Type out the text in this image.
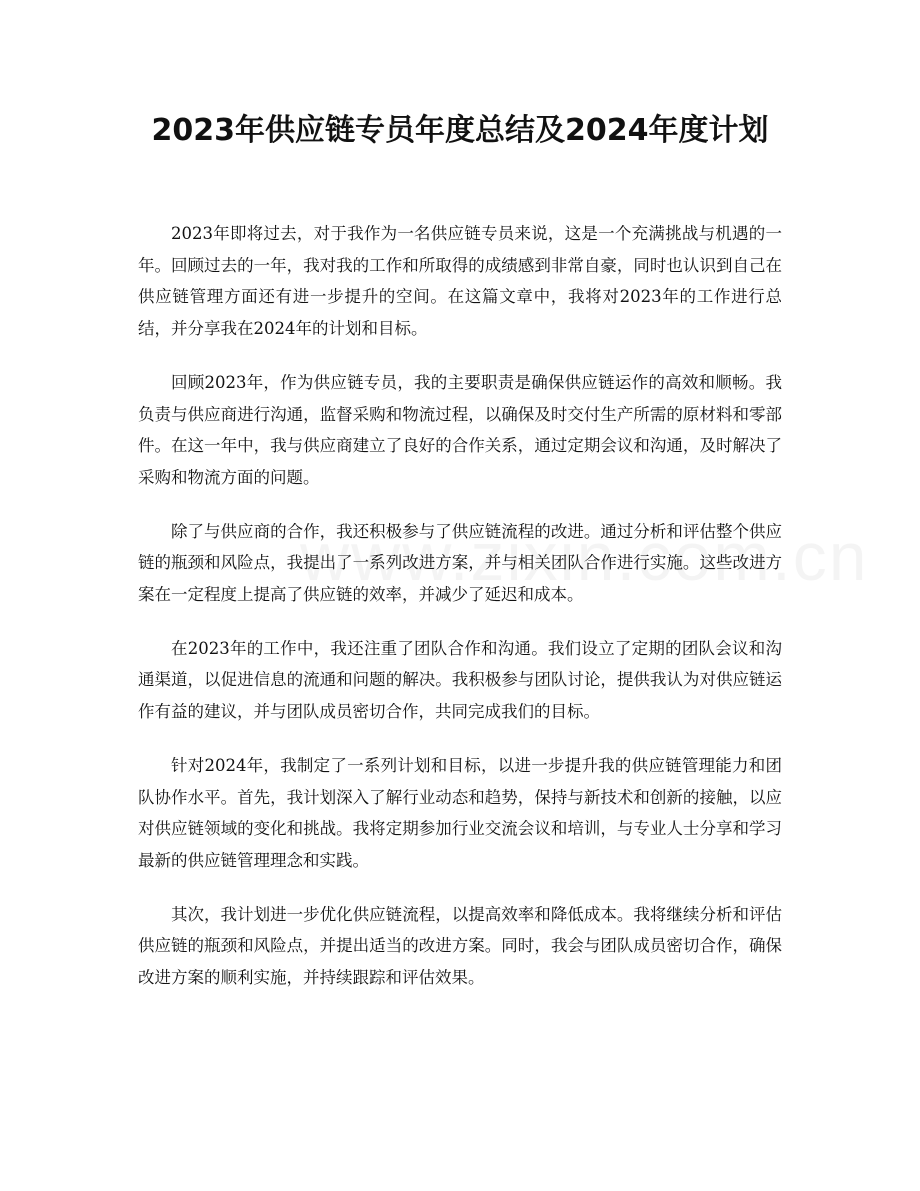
2023年供应链专员年度总结及2024年度计划

2023年即将过去，对于我作为一名供应链专员来说，这是一个充满挑战与机遇的一年。回顾过去的一年，我对我的工作和所取得的成绩感到非常自豪，同时也认识到自己在供应链管理方面还有进一步提升的空间。在这篇文章中，我将对2023年的工作进行总结，并分享我在2024年的计划和目标。

回顾2023年，作为供应链专员，我的主要职责是确保供应链运作的高效和顺畅。我负责与供应商进行沟通，监督采购和物流过程，以确保及时交付生产所需的原材料和零部件。在这一年中，我与供应商建立了良好的合作关系，通过定期会议和沟通，及时解决了采购和物流方面的问题。

除了与供应商的合作，我还积极参与了供应链流程的改进。通过分析和评估整个供应链的瓶颈和风险点，我提出了一系列改进方案，并与相关团队合作进行实施。这些改进方案在一定程度上提高了供应链的效率，并减少了延迟和成本。

在2023年的工作中，我还注重了团队合作和沟通。我们设立了定期的团队会议和沟通渠道，以促进信息的流通和问题的解决。我积极参与团队讨论，提供我认为对供应链运作有益的建议，并与团队成员密切合作，共同完成我们的目标。

针对2024年，我制定了一系列计划和目标，以进一步提升我的供应链管理能力和团队协作水平。首先，我计划深入了解行业动态和趋势，保持与新技术和创新的接触，以应对供应链领域的变化和挑战。我将定期参加行业交流会议和培训，与专业人士分享和学习最新的供应链管理理念和实践。

其次，我计划进一步优化供应链流程，以提高效率和降低成本。我将继续分析和评估供应链的瓶颈和风险点，并提出适当的改进方案。同时，我会与团队成员密切合作，确保改进方案的顺利实施，并持续跟踪和评估效果。
